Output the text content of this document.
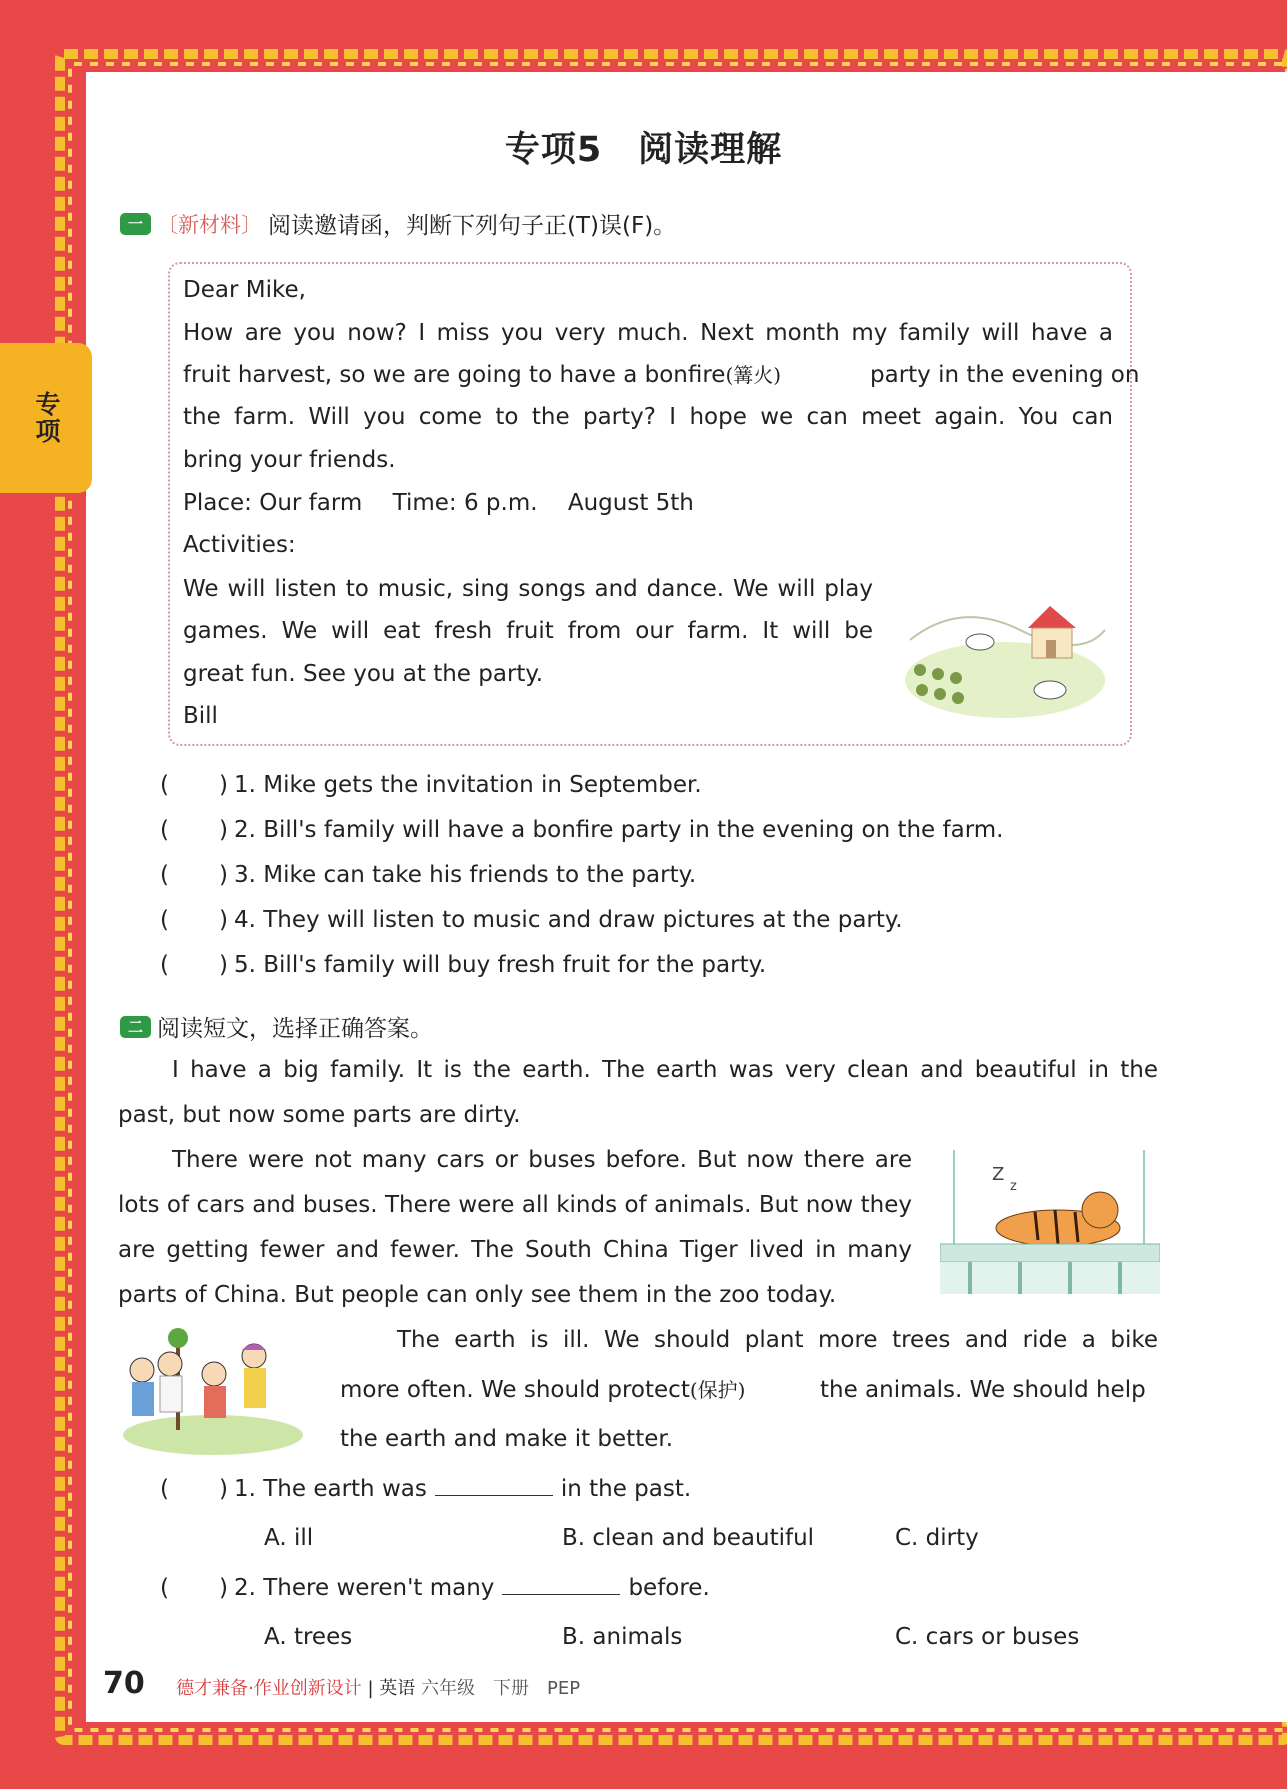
专项
专项5　阅读理解
一 〔新材料〕 阅读邀请函，判断下列句子正(T)误(F)。
Dear Mike,
How are you now? I miss you very much. Next month my family will have a
fruit harvest, so we are going to have a bonfire(篝火)	party in the evening on
the farm. Will you come to the party? I hope we can meet again. You can
bring your friends.
Place: Our farm　 Time: 6 p.m.　 August 5th
Activities:
We will listen to music, sing songs and dance. We will play
games. We will eat fresh fruit from our farm. It will be
great fun. See you at the party.
Bill
( ) 1. Mike gets the invitation in September.
( ) 2. Bill's family will have a bonfire party in the evening on the farm.
( ) 3. Mike can take his friends to the party.
( ) 4. They will listen to music and draw pictures at the party.
( ) 5. Bill's family will buy fresh fruit for the party.
二 阅读短文，选择正确答案。
I have a big family. It is the earth. The earth was very clean and beautiful in the
past, but now some parts are dirty.
There were not many cars or buses before. But now there are
lots of cars and buses. There were all kinds of animals. But now they
are getting fewer and fewer. The South China Tiger lived in many
parts of China. But people can only see them in the zoo today.
Z
z
The earth is ill. We should plant more trees and ride a bike
more often. We should protect(保护)	the animals. We should help
the earth and make it better.
( ) 1. The earth was	in the past.
A. ill	B. clean and beautiful	C. dirty
( ) 2. There weren't many	before.
A. trees	B. animals	C. cars or buses
70 德才兼备·作业创新设计 | 英语 六年级　下册　PEP
